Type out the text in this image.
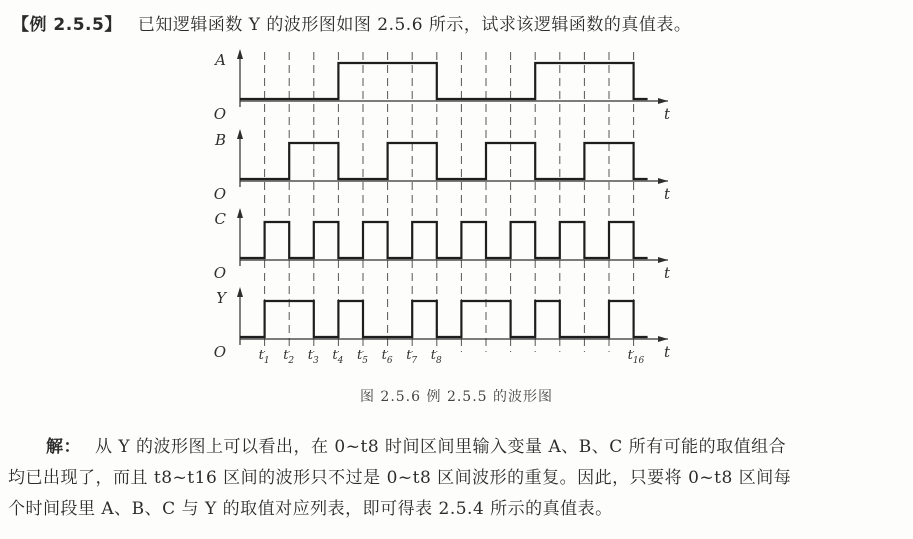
【例 2.5.5】 已知逻辑函数 Y 的波形图如图 2.5.6 所示，试求该逻辑函数的真值表。
A
O	t
B
O	t
C
O	t
Y
O	t
$t_1$ $t_2$ $t_3$ $t_4$ $t_5$ $t_6$ $t_7$ $t_8$	$t_{16}$
图 2.5.6 例 2.5.5 的波形图
解： 从 Y 的波形图上可以看出，在 0~t8 时间区间里输入变量 A、B、C 所有可能的取值组合
均已出现了，而且 t8~t16 区间的波形只不过是 0~t8 区间波形的重复。因此，只要将 0~t8 区间每
个时间段里 A、B、C 与 Y 的取值对应列表，即可得表 2.5.4 所示的真值表。
